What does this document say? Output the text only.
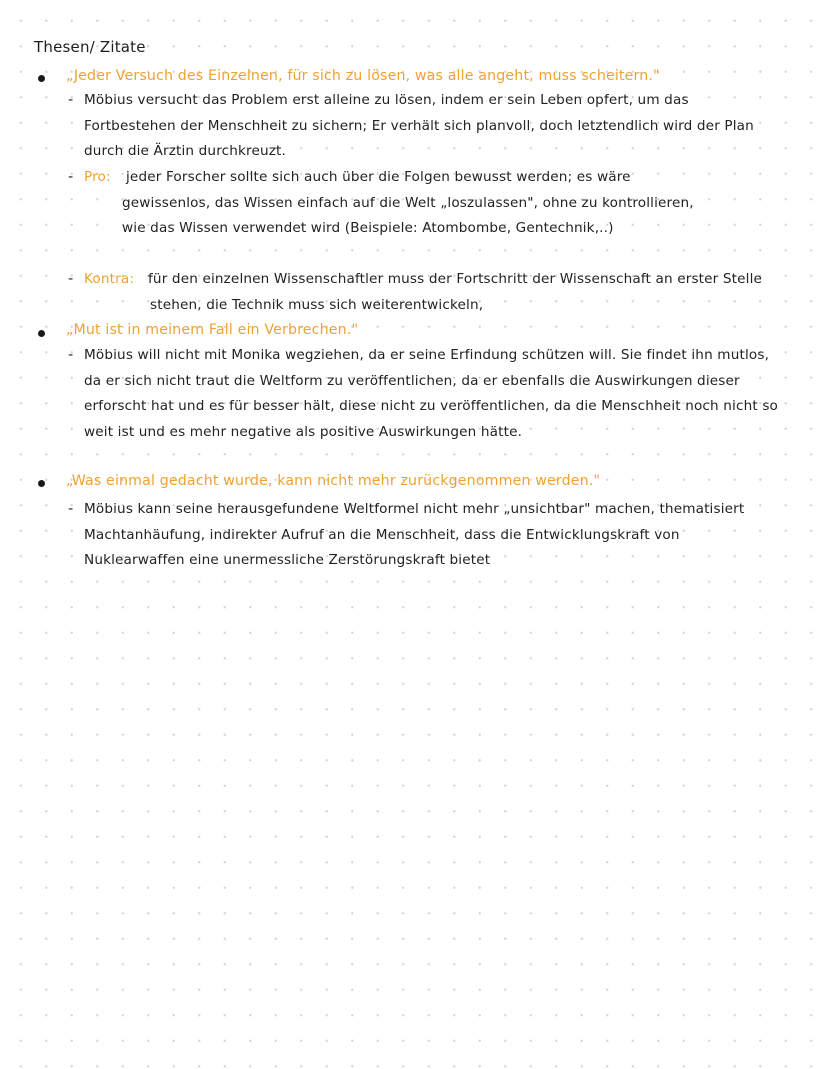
Thesen/ Zitate
„Jeder Versuch des Einzelnen, für sich zu lösen, was alle angeht, muss scheitern."
- Möbius versucht das Problem erst alleine zu lösen, indem er sein Leben opfert, um das Fortbestehen der Menschheit zu sichern; Er verhält sich planvoll, doch letztendlich wird der Plan durch die Ärztin durchkreuzt.
- Pro: jeder Forscher sollte sich auch über die Folgen bewusst werden; es wäre gewissenlos, das Wissen einfach auf die Welt „loszulassen", ohne zu kontrollieren, wie das Wissen verwendet wird (Beispiele: Atombombe, Gentechnik,..)
- Kontra: für den einzelnen Wissenschaftler muss der Fortschritt der Wissenschaft an erster Stelle stehen, die Technik muss sich weiterentwickeln,
„Mut ist in meinem Fall ein Verbrechen."
- Möbius will nicht mit Monika wegziehen, da er seine Erfindung schützen will. Sie findet ihn mutlos, da er sich nicht traut die Weltform zu veröffentlichen, da er ebenfalls die Auswirkungen dieser erforscht hat und es für besser hält, diese nicht zu veröffentlichen, da die Menschheit noch nicht so weit ist und es mehr negative als positive Auswirkungen hätte.
„Was einmal gedacht wurde, kann nicht mehr zurückgenommen werden."
- Möbius kann seine herausgefundene Weltformel nicht mehr „unsichtbar" machen, thematisiert Machtanhäufung, indirekter Aufruf an die Menschheit, dass die Entwicklungskraft von Nuklearwaffen eine unermessliche Zerstörungskraft bietet
